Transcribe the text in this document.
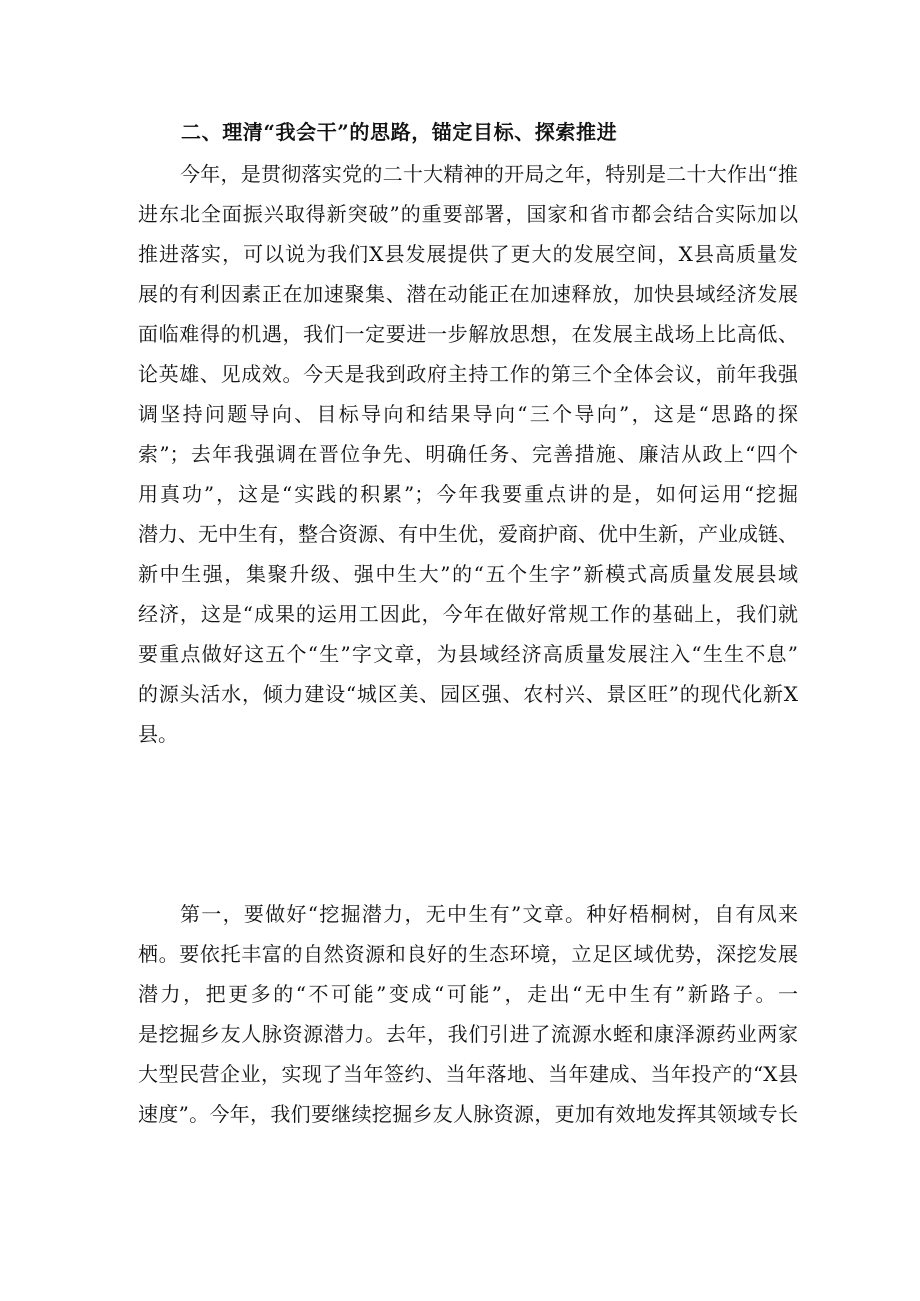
二、理清“我会干”的思路，锚定目标、探索推进
今年，是贯彻落实党的二十大精神的开局之年，特别是二十大作出“推
进东北全面振兴取得新突破”的重要部署，国家和省市都会结合实际加以
推进落实，可以说为我们X县发展提供了更大的发展空间，X县高质量发
展的有利因素正在加速聚集、潜在动能正在加速释放，加快县域经济发展
面临难得的机遇，我们一定要进一步解放思想，在发展主战场上比高低、
论英雄、见成效。今天是我到政府主持工作的第三个全体会议，前年我强
调坚持问题导向、目标导向和结果导向“三个导向”，这是“思路的探
索”；去年我强调在晋位争先、明确任务、完善措施、廉洁从政上“四个
用真功”，这是“实践的积累”；今年我要重点讲的是，如何运用“挖掘
潜力、无中生有，整合资源、有中生优，爱商护商、优中生新，产业成链、
新中生强，集聚升级、强中生大”的“五个生字”新模式高质量发展县域
经济，这是“成果的运用工因此，今年在做好常规工作的基础上，我们就
要重点做好这五个“生”字文章，为县域经济高质量发展注入“生生不息”
的源头活水，倾力建设“城区美、园区强、农村兴、景区旺”的现代化新X
县。
第一，要做好“挖掘潜力，无中生有”文章。种好梧桐树，自有凤来
栖。要依托丰富的自然资源和良好的生态环境，立足区域优势，深挖发展
潜力，把更多的“不可能”变成“可能”，走出“无中生有”新路子。一
是挖掘乡友人脉资源潜力。去年，我们引进了流源水蛭和康泽源药业两家
大型民营企业，实现了当年签约、当年落地、当年建成、当年投产的“X县
速度”。今年，我们要继续挖掘乡友人脉资源，更加有效地发挥其领域专长
